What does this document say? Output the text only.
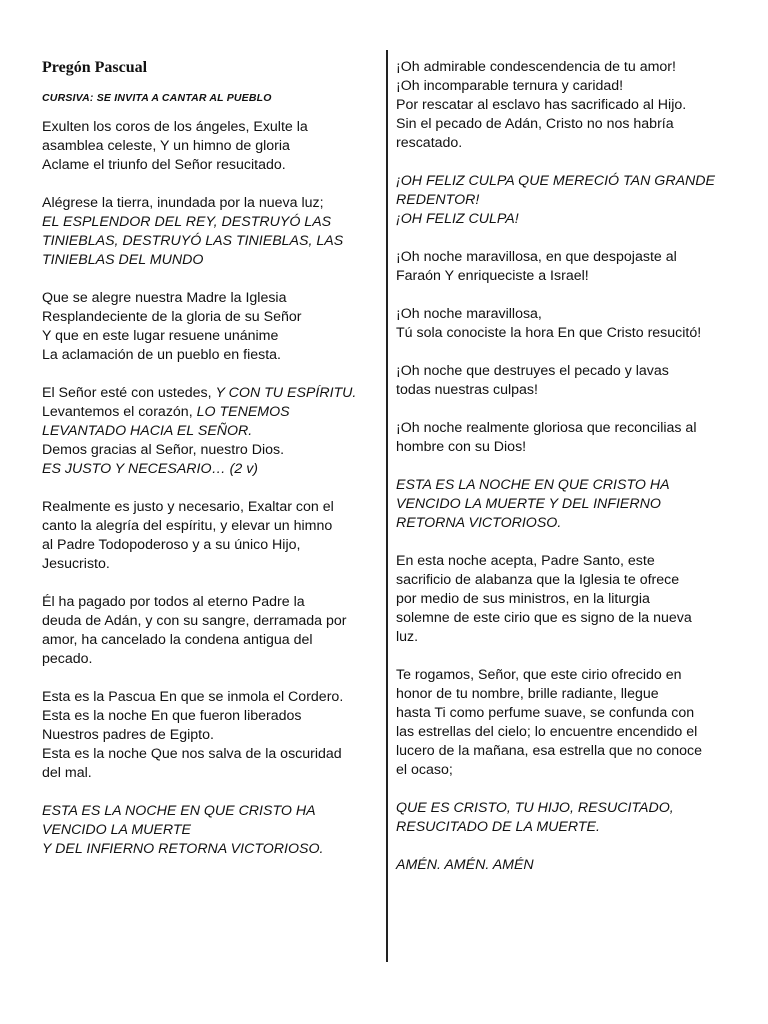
Pregón Pascual
CURSIVA: SE INVITA A CANTAR AL PUEBLO
Exulten los coros de los ángeles, Exulte la
asamblea celeste, Y un himno de gloria
Aclame el triunfo del Señor resucitado.
Alégrese la tierra, inundada por la nueva luz;
EL ESPLENDOR DEL REY, DESTRUYÓ LAS
TINIEBLAS, DESTRUYÓ LAS TINIEBLAS, LAS
TINIEBLAS DEL MUNDO
Que se alegre nuestra Madre la Iglesia
Resplandeciente de la gloria de su Señor
Y que en este lugar resuene unánime
La aclamación de un pueblo en fiesta.
El Señor esté con ustedes, Y CON TU ESPÍRITU.
Levantemos el corazón, LO TENEMOS
LEVANTADO HACIA EL SEÑOR.
Demos gracias al Señor, nuestro Dios.
ES JUSTO Y NECESARIO… (2 v)
Realmente es justo y necesario, Exaltar con el
canto la alegría del espíritu, y elevar un himno
al Padre Todopoderoso y a su único Hijo,
Jesucristo.
Él ha pagado por todos al eterno Padre la
deuda de Adán, y con su sangre, derramada por
amor, ha cancelado la condena antigua del
pecado.
Esta es la Pascua En que se inmola el Cordero.
Esta es la noche En que fueron liberados
Nuestros padres de Egipto.
Esta es la noche Que nos salva de la oscuridad
del mal.
ESTA ES LA NOCHE EN QUE CRISTO HA
VENCIDO LA MUERTE
Y DEL INFIERNO RETORNA VICTORIOSO.
¡Oh admirable condescendencia de tu amor!
¡Oh incomparable ternura y caridad!
Por rescatar al esclavo has sacrificado al Hijo.
Sin el pecado de Adán, Cristo no nos habría
rescatado.
¡OH FELIZ CULPA QUE MERECIÓ TAN GRANDE
REDENTOR!
¡OH FELIZ CULPA!
¡Oh noche maravillosa, en que despojaste al
Faraón Y enriqueciste a Israel!
¡Oh noche maravillosa,
Tú sola conociste la hora En que Cristo resucitó!
¡Oh noche que destruyes el pecado y lavas
todas nuestras culpas!
¡Oh noche realmente gloriosa que reconcilias al
hombre con su Dios!
ESTA ES LA NOCHE EN QUE CRISTO HA
VENCIDO LA MUERTE Y DEL INFIERNO
RETORNA VICTORIOSO.
En esta noche acepta, Padre Santo, este
sacrificio de alabanza que la Iglesia te ofrece
por medio de sus ministros, en la liturgia
solemne de este cirio que es signo de la nueva
luz.
Te rogamos, Señor, que este cirio ofrecido en
honor de tu nombre, brille radiante, llegue
hasta Ti como perfume suave, se confunda con
las estrellas del cielo; lo encuentre encendido el
lucero de la mañana, esa estrella que no conoce
el ocaso;
QUE ES CRISTO, TU HIJO, RESUCITADO,
RESUCITADO DE LA MUERTE.
AMÉN. AMÉN. AMÉN
